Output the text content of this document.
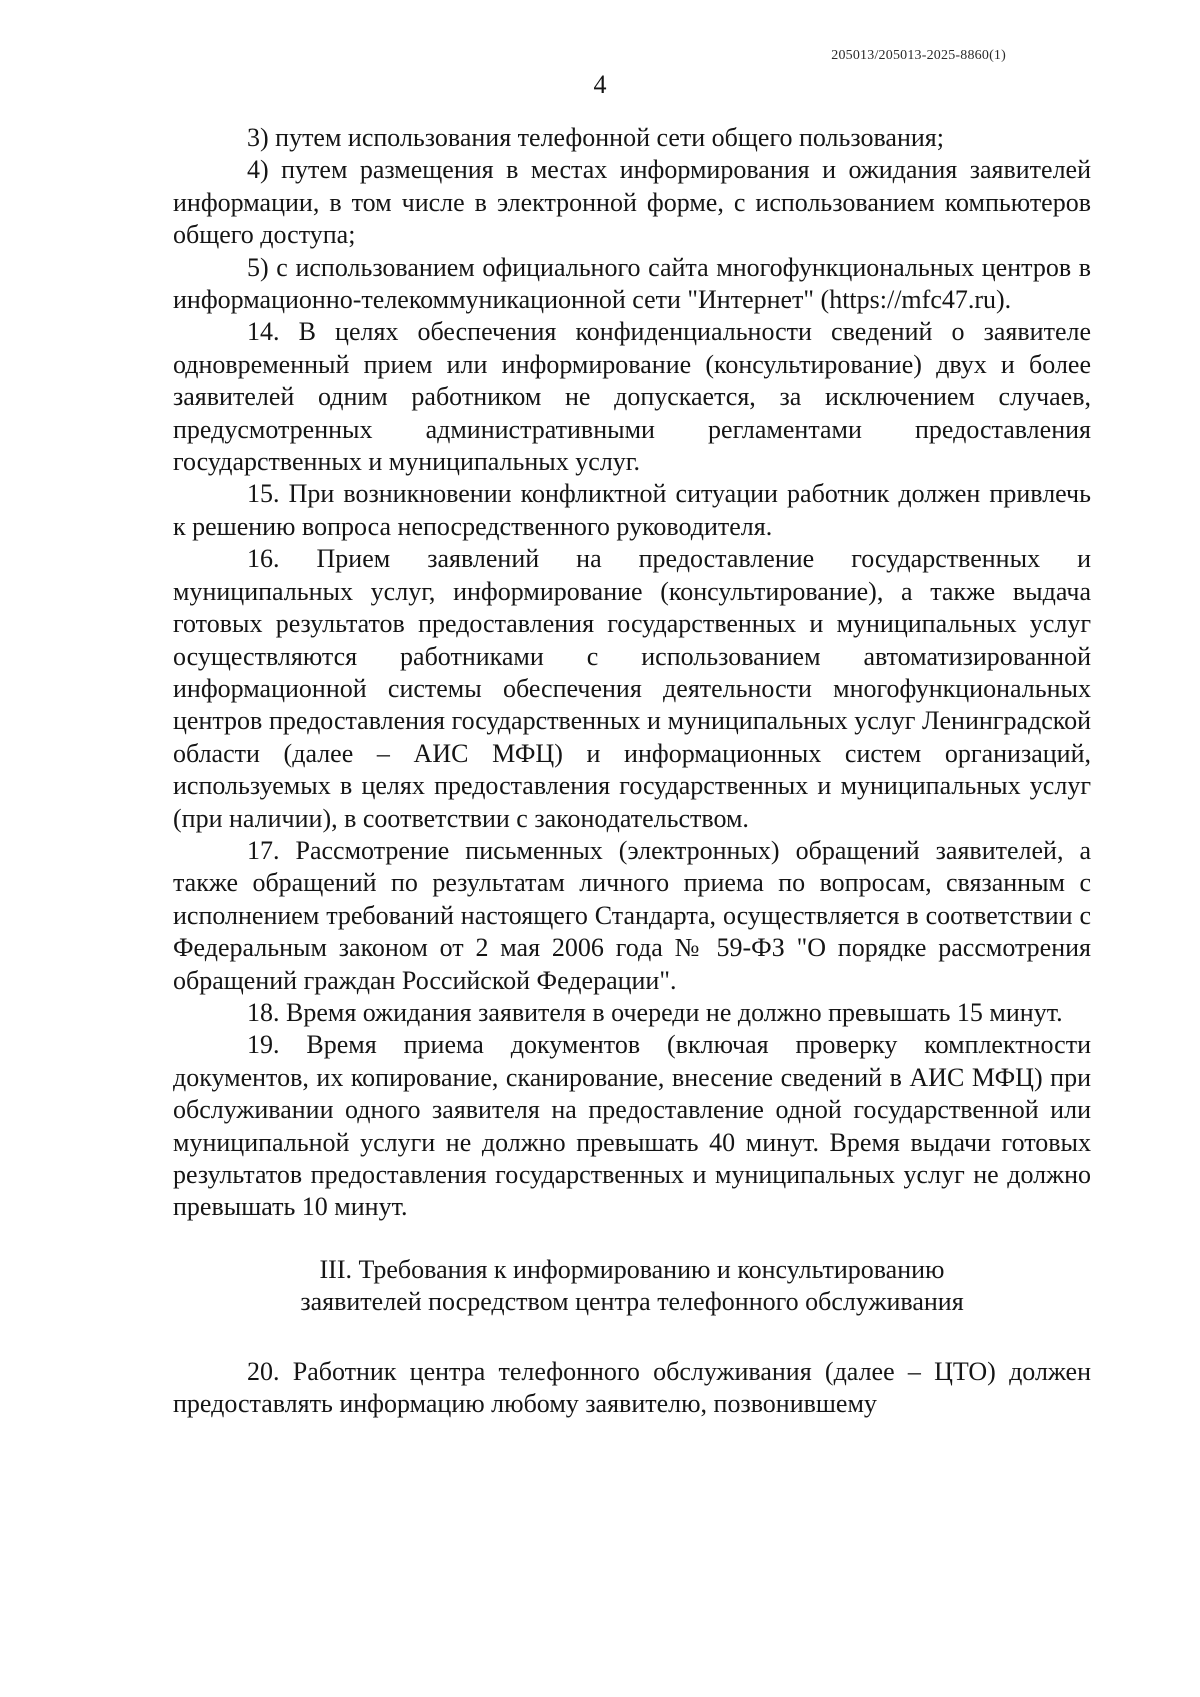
205013/205013-2025-8860(1)
4

3) путем использования телефонной сети общего пользования;

4) путем размещения в местах информирования и ожидания заявителей информации, в том числе в электронной форме, с использованием компьютеров общего доступа;

5) с использованием официального сайта многофункциональных центров в информационно-телекоммуникационной сети "Интернет" (https://mfc47.ru).

14. В целях обеспечения конфиденциальности сведений о заявителе одновременный прием или информирование (консультирование) двух и более заявителей одним работником не допускается, за исключением случаев, предусмотренных административными регламентами предоставления государственных и муниципальных услуг.

15. При возникновении конфликтной ситуации работник должен привлечь к решению вопроса непосредственного руководителя.

16. Прием заявлений на предоставление государственных и муниципальных услуг, информирование (консультирование), а также выдача готовых результатов предоставления государственных и муниципальных услуг осуществляются работниками с использованием автоматизированной информационной системы обеспечения деятельности многофункциональных центров предоставления государственных и муниципальных услуг Ленинградской области (далее – АИС МФЦ) и информационных систем организаций, используемых в целях предоставления государственных и муниципальных услуг (при наличии), в соответствии с законодательством.

17. Рассмотрение письменных (электронных) обращений заявителей, а также обращений по результатам личного приема по вопросам, связанным с исполнением требований настоящего Стандарта, осуществляется в соответствии с Федеральным законом от 2 мая 2006 года № 59-ФЗ "О порядке рассмотрения обращений граждан Российской Федерации".

18. Время ожидания заявителя в очереди не должно превышать 15 минут.

19. Время приема документов (включая проверку комплектности документов, их копирование, сканирование, внесение сведений в АИС МФЦ) при обслуживании одного заявителя на предоставление одной государственной или муниципальной услуги не должно превышать 40 минут. Время выдачи готовых результатов предоставления государственных и муниципальных услуг не должно превышать 10 минут.

III. Требования к информированию и консультированию
заявителей посредством центра телефонного обслуживания

20. Работник центра телефонного обслуживания (далее – ЦТО) должен предоставлять информацию любому заявителю, позвонившему
